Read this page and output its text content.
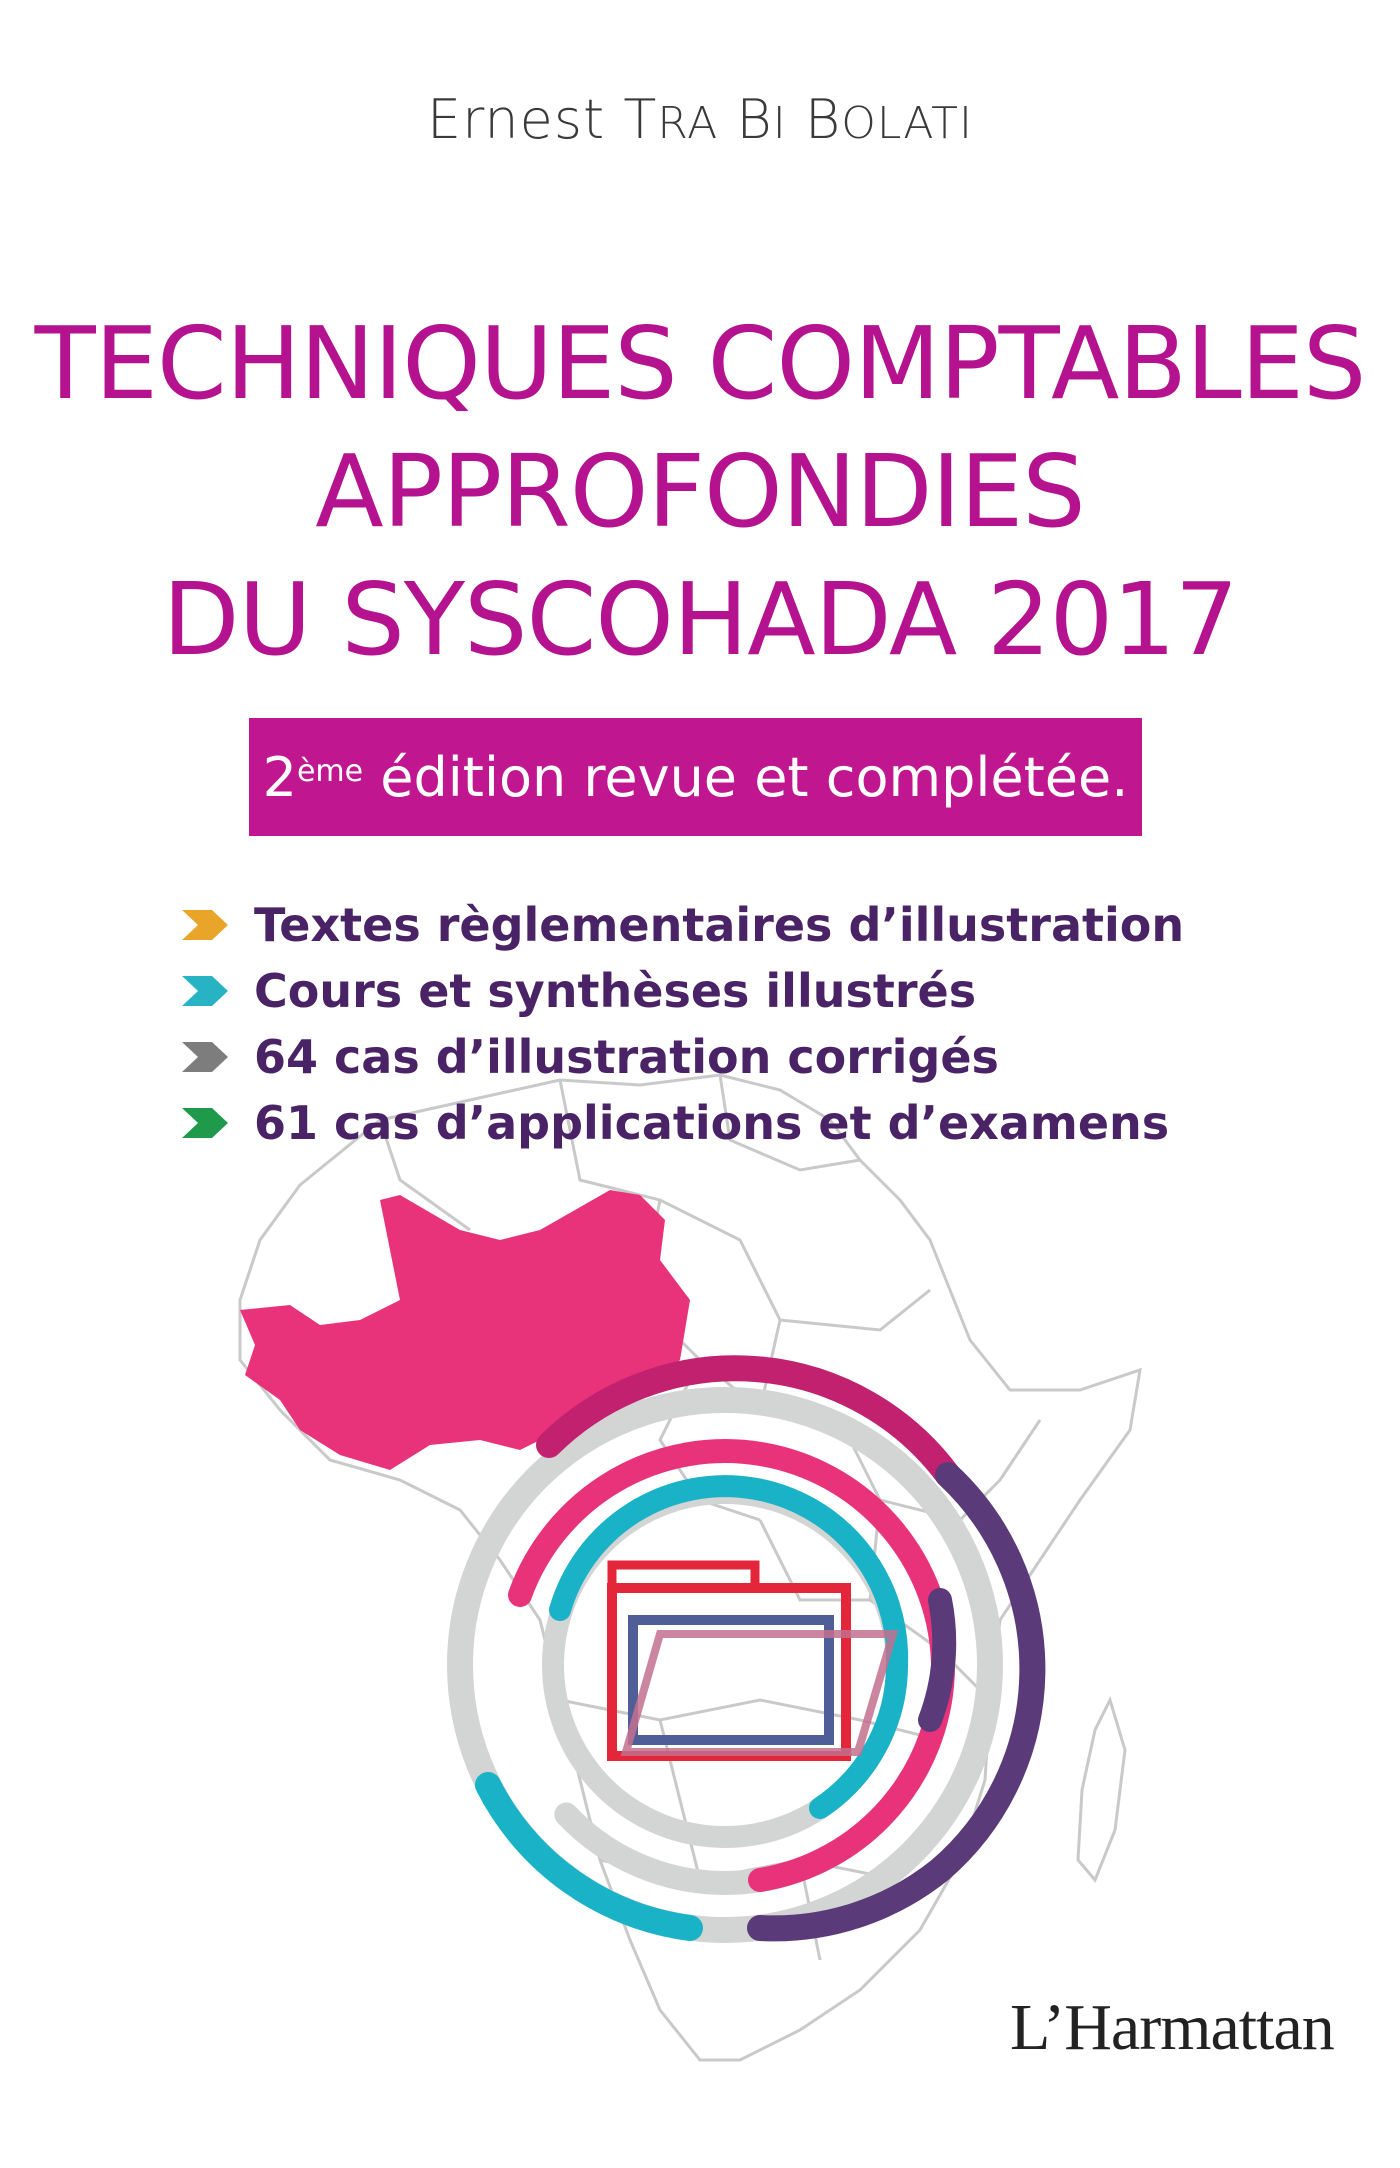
Ernest TRA BI BOLATI
TECHNIQUES COMPTABLES
APPROFONDIES
DU SYSCOHADA 2017
2ème
édition revue et complétée.
Textes règlementaires d’illustration
Cours et synthèses illustrés
64 cas d’illustration corrigés
61 cas d’applications et d’examens
L’Harmattan
